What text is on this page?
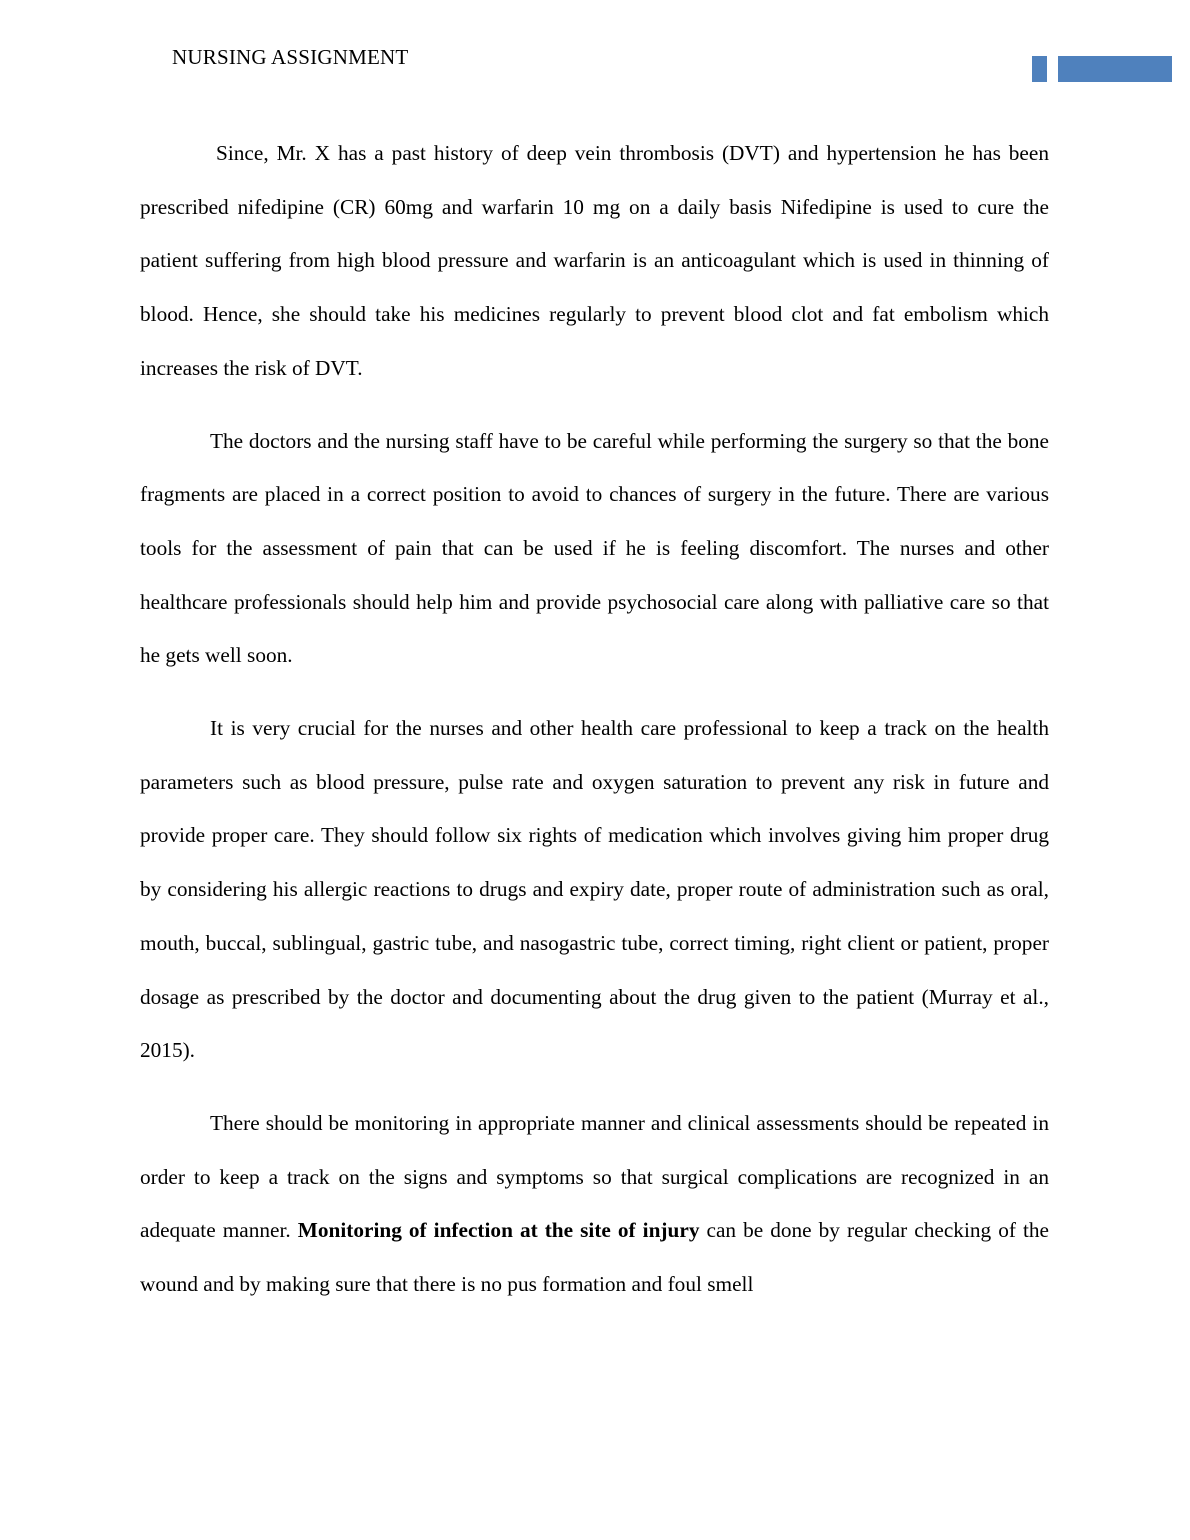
NURSING ASSIGNMENT

Since, Mr. X has a past history of deep vein thrombosis (DVT) and hypertension he has been prescribed nifedipine (CR) 60mg and warfarin 10 mg on a daily basis Nifedipine is used to cure the patient suffering from high blood pressure and warfarin is an anticoagulant which is used in thinning of blood. Hence, she should take his medicines regularly to prevent blood clot and fat embolism which increases the risk of DVT.

The doctors and the nursing staff have to be careful while performing the surgery so that the bone fragments are placed in a correct position to avoid to chances of surgery in the future. There are various tools for the assessment of pain that can be used if he is feeling discomfort. The nurses and other healthcare professionals should help him and provide psychosocial care along with palliative care so that he gets well soon.

It is very crucial for the nurses and other health care professional to keep a track on the health parameters such as blood pressure, pulse rate and oxygen saturation to prevent any risk in future and provide proper care. They should follow six rights of medication which involves giving him proper drug by considering his allergic reactions to drugs and expiry date, proper route of administration such as oral, mouth, buccal, sublingual, gastric tube, and nasogastric tube, correct timing, right client or patient, proper dosage as prescribed by the doctor and documenting about the drug given to the patient (Murray et al., 2015).

There should be monitoring in appropriate manner and clinical assessments should be repeated in order to keep a track on the signs and symptoms so that surgical complications are recognized in an adequate manner. Monitoring of infection at the site of injury can be done by regular checking of the wound and by making sure that there is no pus formation and foul smell
